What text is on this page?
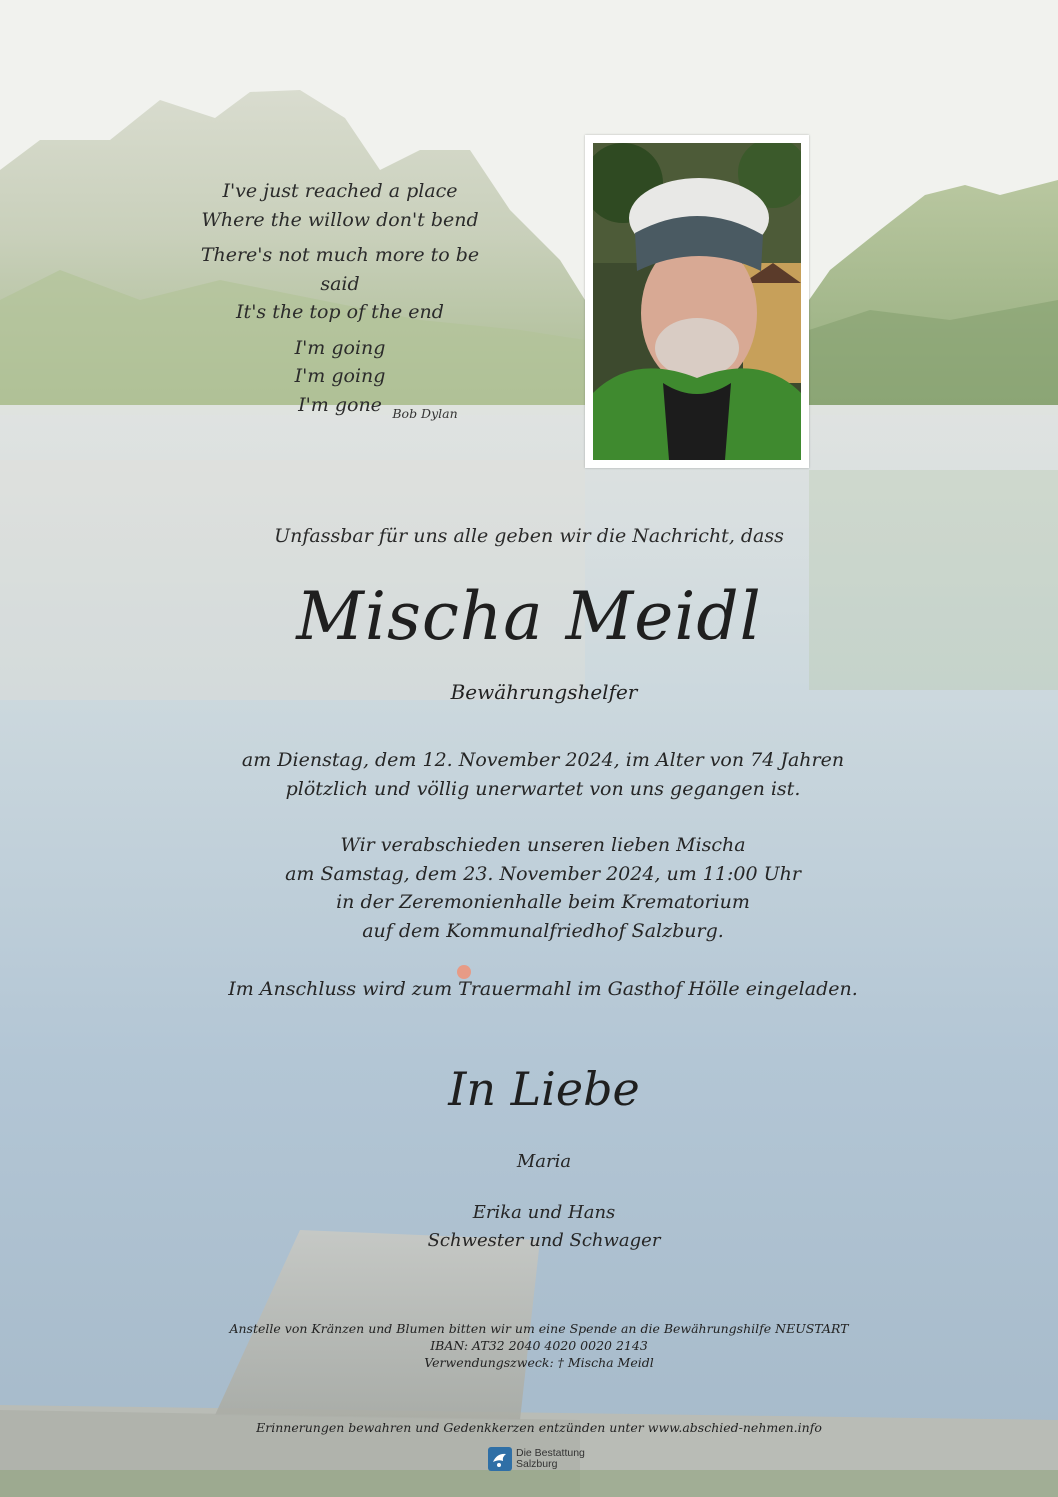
I've just reached a place
Where the willow don't bend
There's not much more to be said
It's the top of the end
I'm going
I'm going
I'm gone Bob Dylan
Unfassbar für uns alle geben wir die Nachricht, dass
Mischa Meidl
Bewährungshelfer
am Dienstag, dem 12. November 2024, im Alter von 74 Jahren
plötzlich und völlig unerwartet von uns gegangen ist.
Wir verabschieden unseren lieben Mischa
am Samstag, dem 23. November 2024, um 11:00 Uhr
in der Zeremonienhalle beim Krematorium
auf dem Kommunalfriedhof Salzburg.
Im Anschluss wird zum Trauermahl im Gasthof Hölle eingeladen.
In Liebe
Maria
Erika und Hans
Schwester und Schwager
Anstelle von Kränzen und Blumen bitten wir um eine Spende an die Bewährungshilfe NEUSTART
IBAN: AT32 2040 4020 0020 2143
Verwendungszweck: † Mischa Meidl
Erinnerungen bewahren und Gedenkkerzen entzünden unter www.abschied-nehmen.info
Die Bestattung
Salzburg
